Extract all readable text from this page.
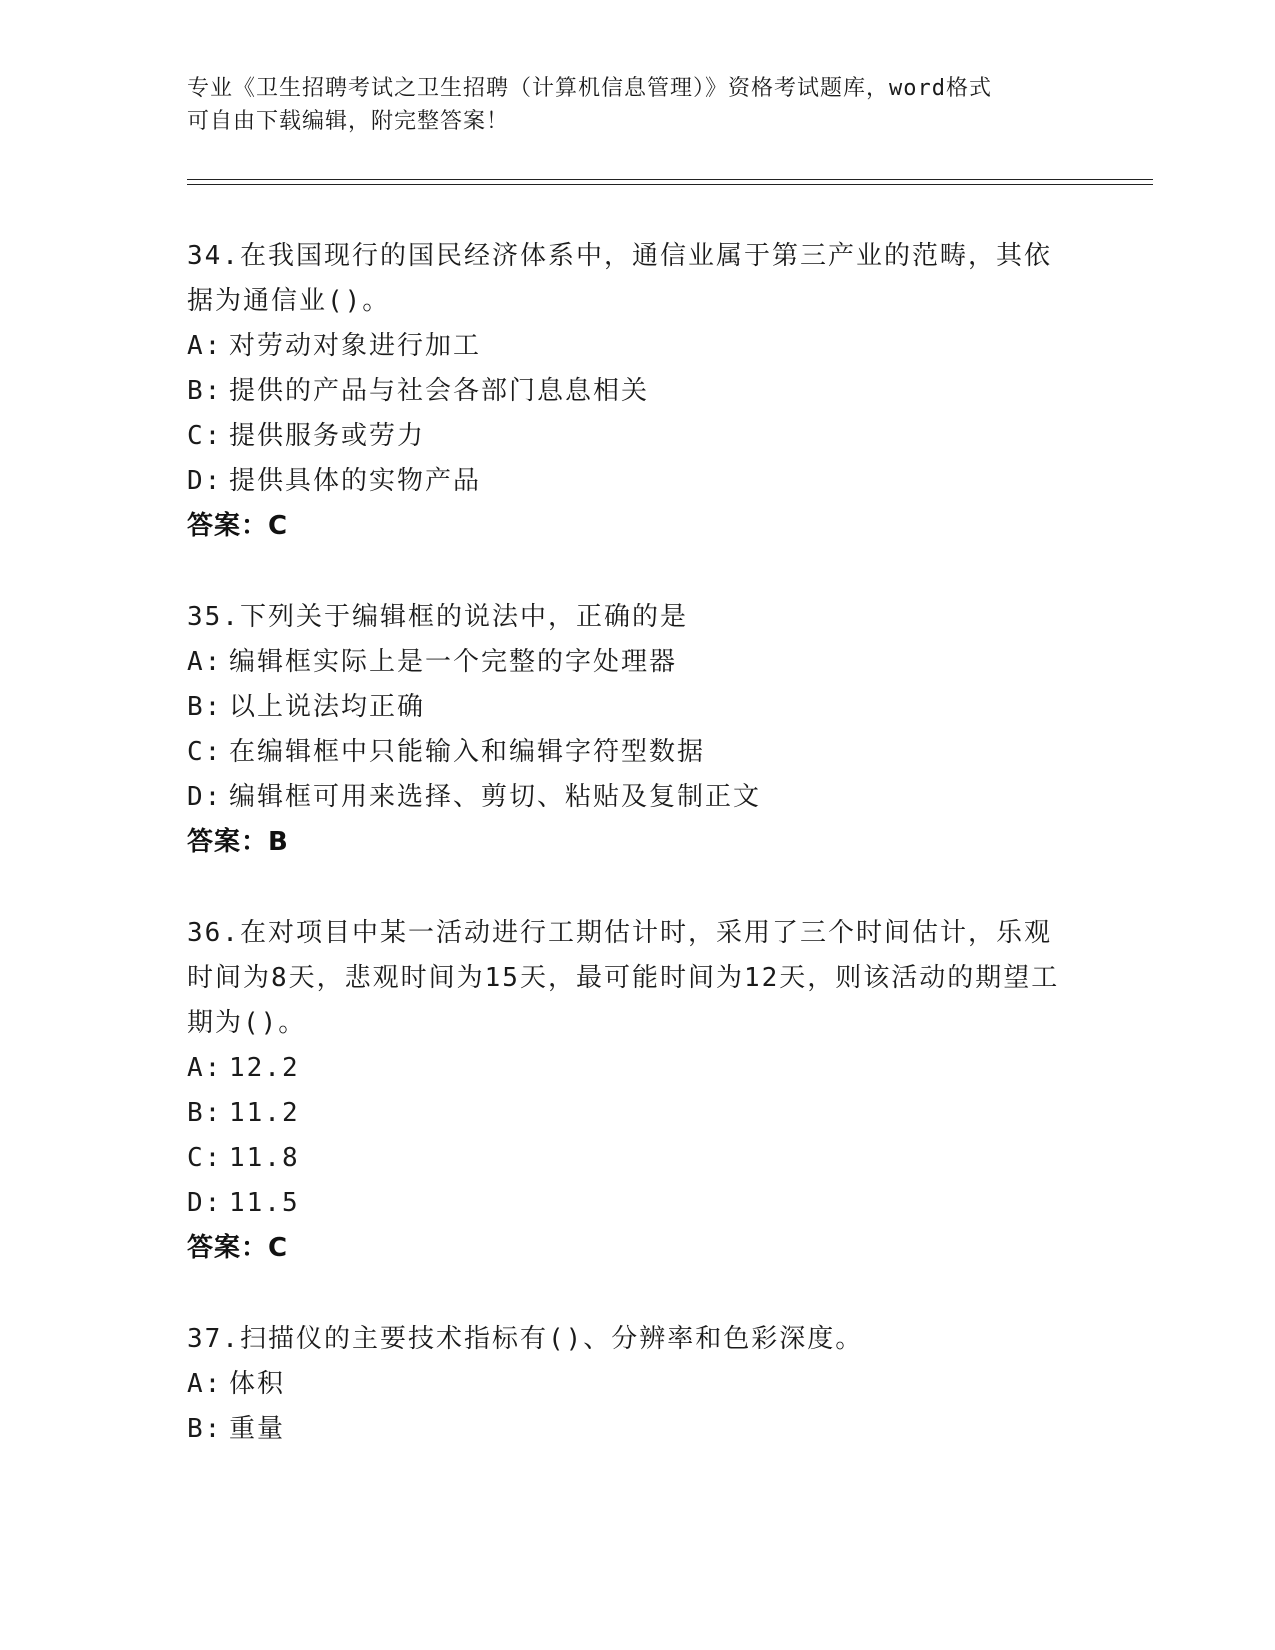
专业《卫生招聘考试之卫生招聘（计算机信息管理）》资格考试题库，word格式
可自由下载编辑，附完整答案！

34.在我国现行的国民经济体系中，通信业属于第三产业的范畴，其依据为通信业()。

A: 对劳动对象进行加工

B: 提供的产品与社会各部门息息相关

C: 提供服务或劳力

D: 提供具体的实物产品

答案：C

35.下列关于编辑框的说法中，正确的是

A: 编辑框实际上是一个完整的字处理器

B: 以上说法均正确

C: 在编辑框中只能输入和编辑字符型数据

D: 编辑框可用来选择、剪切、粘贴及复制正文

答案：B

36.在对项目中某一活动进行工期估计时，采用了三个时间估计，乐观时间为8天，悲观时间为15天，最可能时间为12天，则该活动的期望工期为()。

A: 12.2

B: 11.2

C: 11.8

D: 11.5

答案：C

37.扫描仪的主要技术指标有()、分辨率和色彩深度。

A: 体积

B: 重量
